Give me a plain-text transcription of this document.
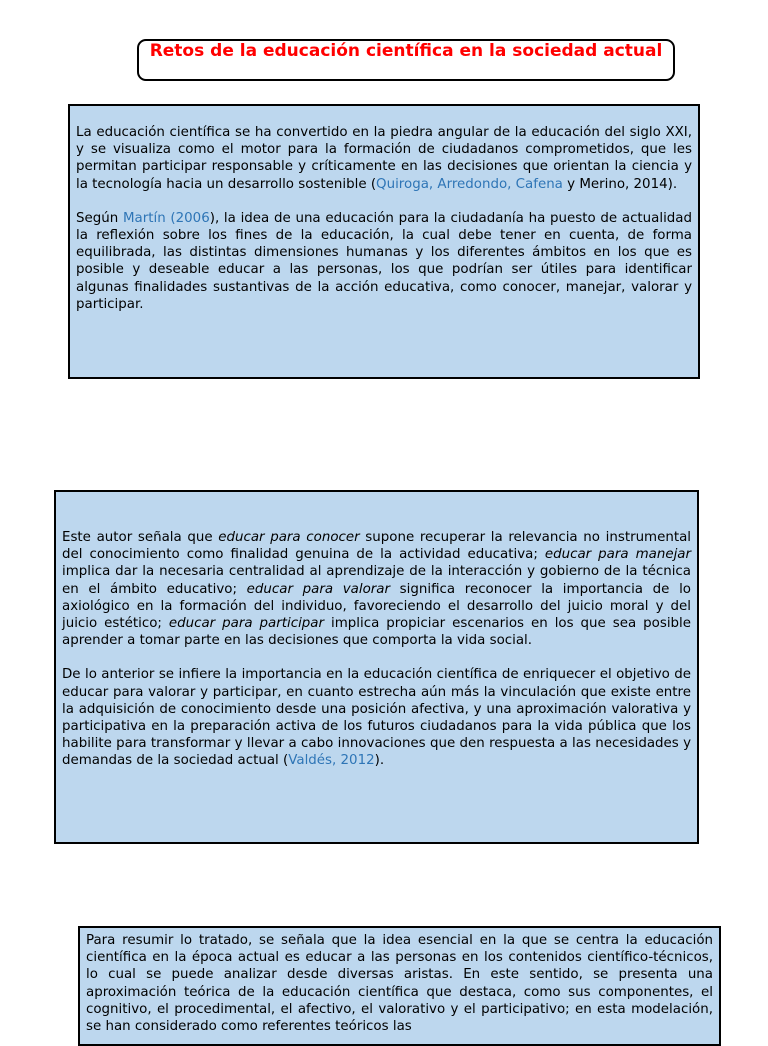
Retos de la educación científica en la sociedad actual

La educación científica se ha convertido en la piedra angular de la educación del siglo XXI, y se visualiza como el motor para la formación de ciudadanos comprometidos, que les permitan participar responsable y críticamente en las decisiones que orientan la ciencia y la tecnología hacia un desarrollo sostenible (Quiroga, Arredondo, Cafena y Merino, 2014).

Según Martín (2006), la idea de una educación para la ciudadanía ha puesto de actualidad la reflexión sobre los fines de la educación, la cual debe tener en cuenta, de forma equilibrada, las distintas dimensiones humanas y los diferentes ámbitos en los que es posible y deseable educar a las personas, los que podrían ser útiles para identificar algunas finalidades sustantivas de la acción educativa, como conocer, manejar, valorar y participar.

Este autor señala que educar para conocer supone recuperar la relevancia no instrumental del conocimiento como finalidad genuina de la actividad educativa; educar para manejar implica dar la necesaria centralidad al aprendizaje de la interacción y gobierno de la técnica en el ámbito educativo; educar para valorar significa reconocer la importancia de lo axiológico en la formación del individuo, favoreciendo el desarrollo del juicio moral y del juicio estético; educar para participar implica propiciar escenarios en los que sea posible aprender a tomar parte en las decisiones que comporta la vida social.

De lo anterior se infiere la importancia en la educación científica de enriquecer el objetivo de educar para valorar y participar, en cuanto estrecha aún más la vinculación que existe entre la adquisición de conocimiento desde una posición afectiva, y una aproximación valorativa y participativa en la preparación activa de los futuros ciudadanos para la vida pública que los habilite para transformar y llevar a cabo innovaciones que den respuesta a las necesidades y demandas de la sociedad actual (Valdés, 2012).

Para resumir lo tratado, se señala que la idea esencial en la que se centra la educación científica en la época actual es educar a las personas en los contenidos científico-técnicos, lo cual se puede analizar desde diversas aristas. En este sentido, se presenta una aproximación teórica de la educación científica que destaca, como sus componentes, el cognitivo, el procedimental, el afectivo, el valorativo y el participativo; en esta modelación, se han considerado como referentes teóricos las
